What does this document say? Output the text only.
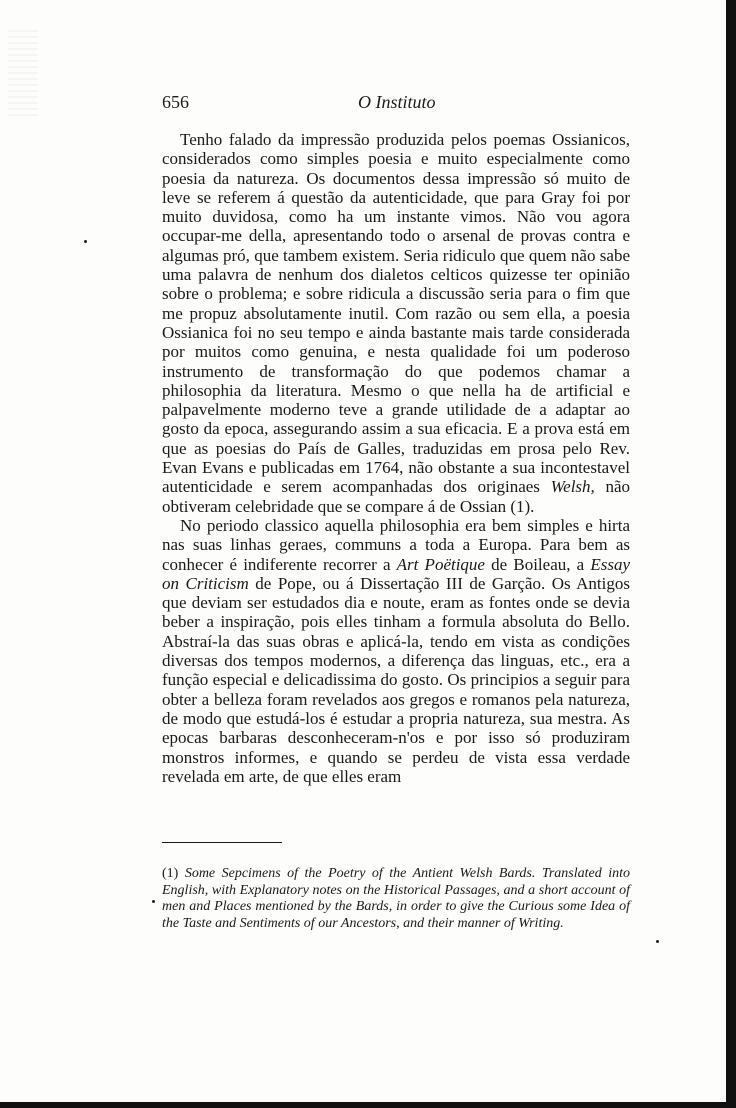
656	O Instituto

Tenho falado da impressão produzida pelos poemas Ossianicos, considerados como simples poesia e muito especialmente como poesia da natureza. Os documentos dessa impressão só muito de leve se referem á questão da autenticidade, que para Gray foi por muito duvidosa, como ha um instante vimos. Não vou agora occupar-me della, apresentando todo o arsenal de provas contra e algumas pró, que tambem existem. Seria ridiculo que quem não sabe uma palavra de nenhum dos dialetos celticos quizesse ter opinião sobre o problema; e sobre ridicula a discussão seria para o fim que me propuz absolutamente inutil. Com razão ou sem ella, a poesia Ossianica foi no seu tempo e ainda bastante mais tarde considerada por muitos como genuina, e nesta qualidade foi um poderoso instrumento de transformação do que podemos chamar a philosophia da literatura. Mesmo o que nella ha de artificial e palpavelmente moderno teve a grande utilidade de a adaptar ao gosto da epoca, assegurando assim a sua eficacia. E a prova está em que as poesias do País de Galles, traduzidas em prosa pelo Rev. Evan Evans e publicadas em 1764, não obstante a sua incontestavel autenticidade e serem acompanhadas dos originaes Welsh, não obtiveram celebridade que se compare á de Ossian (1).

No periodo classico aquella philosophia era bem simples e hirta nas suas linhas geraes, communs a toda a Europa. Para bem as conhecer é indiferente recorrer a Art Poëtique de Boileau, a Essay on Criticism de Pope, ou á Dissertação III de Garção. Os Antigos que deviam ser estudados dia e noute, eram as fontes onde se devia beber a inspiração, pois elles tinham a formula absoluta do Bello. Abstraí-la das suas obras e aplicá-la, tendo em vista as condições diversas dos tempos modernos, a diferença das linguas, etc., era a função especial e delicadissima do gosto. Os principios a seguir para obter a belleza foram revelados aos gregos e romanos pela natureza, de modo que estudá-los é estudar a propria natureza, sua mestra. As epocas barbaras desconheceram-n'os e por isso só produziram monstros informes, e quando se perdeu de vista essa verdade revelada em arte, de que elles eram

(1) Some Sepcimens of the Poetry of the Antient Welsh Bards. Translated into English, with Explanatory notes on the Historical Passages, and a short account of men and Places mentioned by the Bards, in order to give the Curious some Idea of the Taste and Sentiments of our Ancestors, and their manner of Writing.
